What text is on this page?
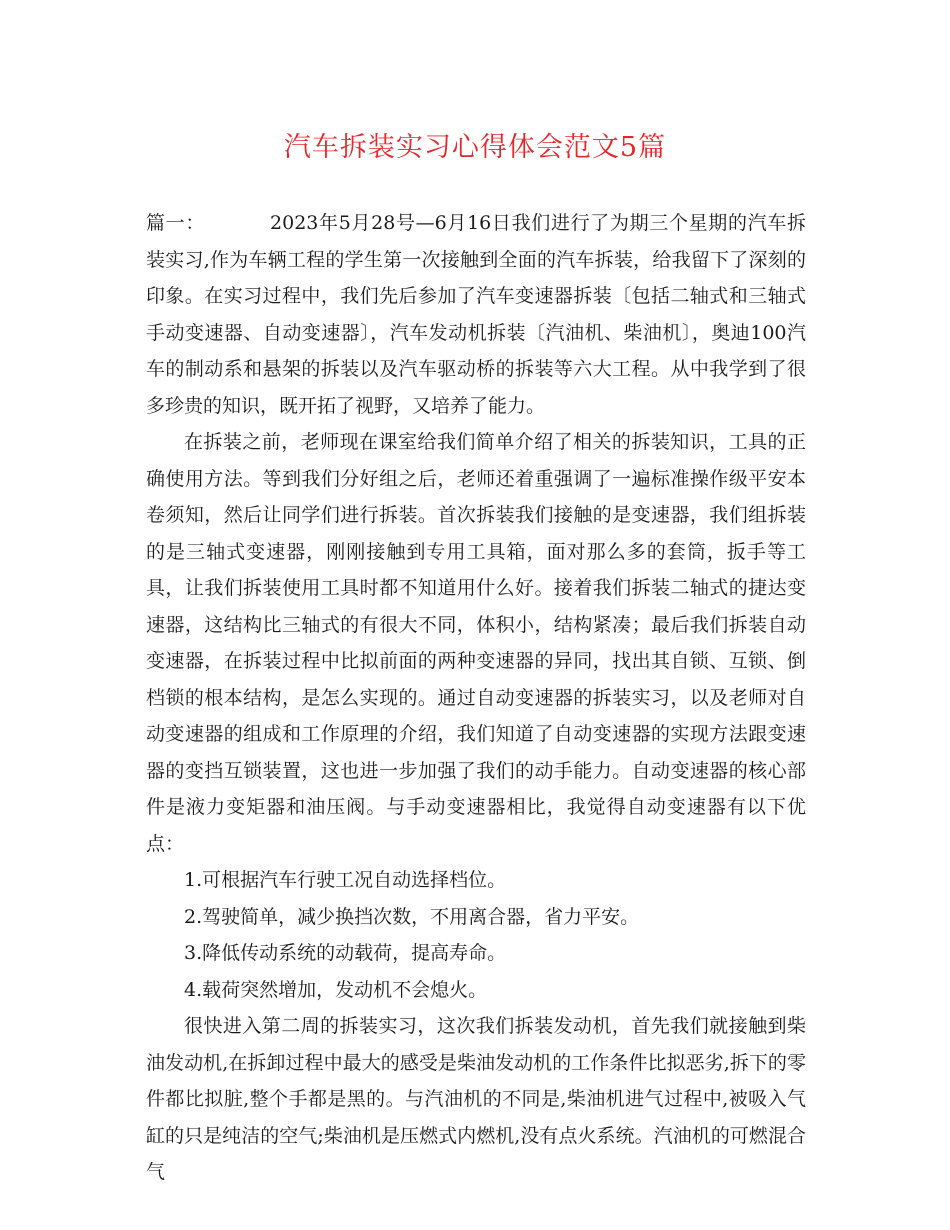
汽车拆装实习心得体会范文5篇

篇一：	2023年5月28号—6月16日我们进行了为期三个星期的汽车拆装实习,作为车辆工程的学生第一次接触到全面的汽车拆装，给我留下了深刻的印象。在实习过程中，我们先后参加了汽车变速器拆装〔包括二轴式和三轴式手动变速器、自动变速器〕，汽车发动机拆装〔汽油机、柴油机〕，奥迪100汽车的制动系和悬架的拆装以及汽车驱动桥的拆装等六大工程。从中我学到了很多珍贵的知识，既开拓了视野，又培养了能力。

在拆装之前，老师现在课室给我们简单介绍了相关的拆装知识，工具的正确使用方法。等到我们分好组之后，老师还着重强调了一遍标准操作级平安本卷须知，然后让同学们进行拆装。首次拆装我们接触的是变速器，我们组拆装的是三轴式变速器，刚刚接触到专用工具箱，面对那么多的套筒，扳手等工具，让我们拆装使用工具时都不知道用什么好。接着我们拆装二轴式的捷达变速器，这结构比三轴式的有很大不同，体积小，结构紧凑；最后我们拆装自动变速器，在拆装过程中比拟前面的两种变速器的异同，找出其自锁、互锁、倒档锁的根本结构，是怎么实现的。通过自动变速器的拆装实习，以及老师对自动变速器的组成和工作原理的介绍，我们知道了自动变速器的实现方法跟变速器的变挡互锁装置，这也进一步加强了我们的动手能力。自动变速器的核心部件是液力变矩器和油压阀。与手动变速器相比，我觉得自动变速器有以下优点：

1.可根据汽车行驶工况自动选择档位。

2.驾驶简单，减少换挡次数，不用离合器，省力平安。

3.降低传动系统的动载荷，提高寿命。

4.载荷突然增加，发动机不会熄火。

很快进入第二周的拆装实习，这次我们拆装发动机，首先我们就接触到柴油发动机,在拆卸过程中最大的感受是柴油发动机的工作条件比拟恶劣,拆下的零件都比拟脏,整个手都是黑的。与汽油机的不同是,柴油机进气过程中,被吸入气缸的只是纯洁的空气;柴油机是压燃式内燃机,没有点火系统。汽油机的可燃混合气
